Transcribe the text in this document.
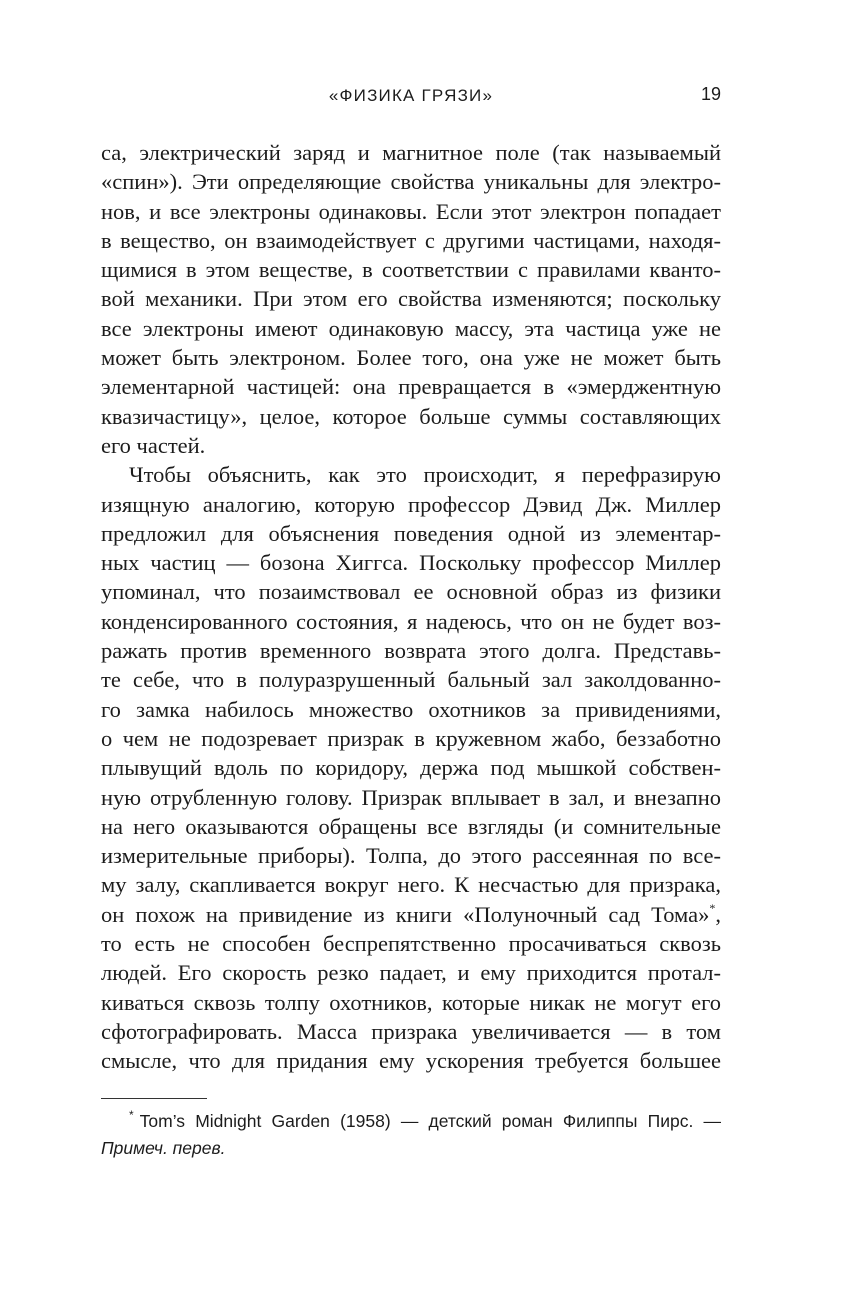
«ФИЗИКА ГРЯЗИ»	19
са, электрический заряд и магнитное поле (так называемый
«спин»). Эти определяющие свойства уникальны для электро-
нов, и все электроны одинаковы. Если этот электрон попадает
в вещество, он взаимодействует с другими частицами, находя-
щимися в этом веществе, в соответствии с правилами кванто-
вой механики. При этом его свойства изменяются; поскольку
все электроны имеют одинаковую массу, эта частица уже не
может быть электроном. Более того, она уже не может быть
элементарной частицей: она превращается в «эмерджентную
квазичастицу», целое, которое больше суммы составляющих
его частей.
Чтобы объяснить, как это происходит, я перефразирую
изящную аналогию, которую профессор Дэвид Дж. Миллер
предложил для объяснения поведения одной из элементар-
ных частиц — бозона Хиггса. Поскольку профессор Миллер
упоминал, что позаимствовал ее основной образ из физики
конденсированного состояния, я надеюсь, что он не будет воз-
ражать против временного возврата этого долга. Представь-
те себе, что в полуразрушенный бальный зал заколдованно-
го замка набилось множество охотников за привидениями,
о чем не подозревает призрак в кружевном жабо, беззаботно
плывущий вдоль по коридору, держа под мышкой собствен-
ную отрубленную голову. Призрак вплывает в зал, и внезапно
на него оказываются обращены все взгляды (и сомнительные
измерительные приборы). Толпа, до этого рассеянная по все-
му залу, скапливается вокруг него. К несчастью для призрака,
он похож на привидение из книги «Полуночный сад Тома»*,
то есть не способен беспрепятственно просачиваться сквозь
людей. Его скорость резко падает, и ему приходится протал-
киваться сквозь толпу охотников, которые никак не могут его
сфотографировать. Масса призрака увеличивается — в том
смысле, что для придания ему ускорения требуется большее
* Tom’s Midnight Garden (1958) — детский роман Филиппы Пирс. —
Примеч. перев.
